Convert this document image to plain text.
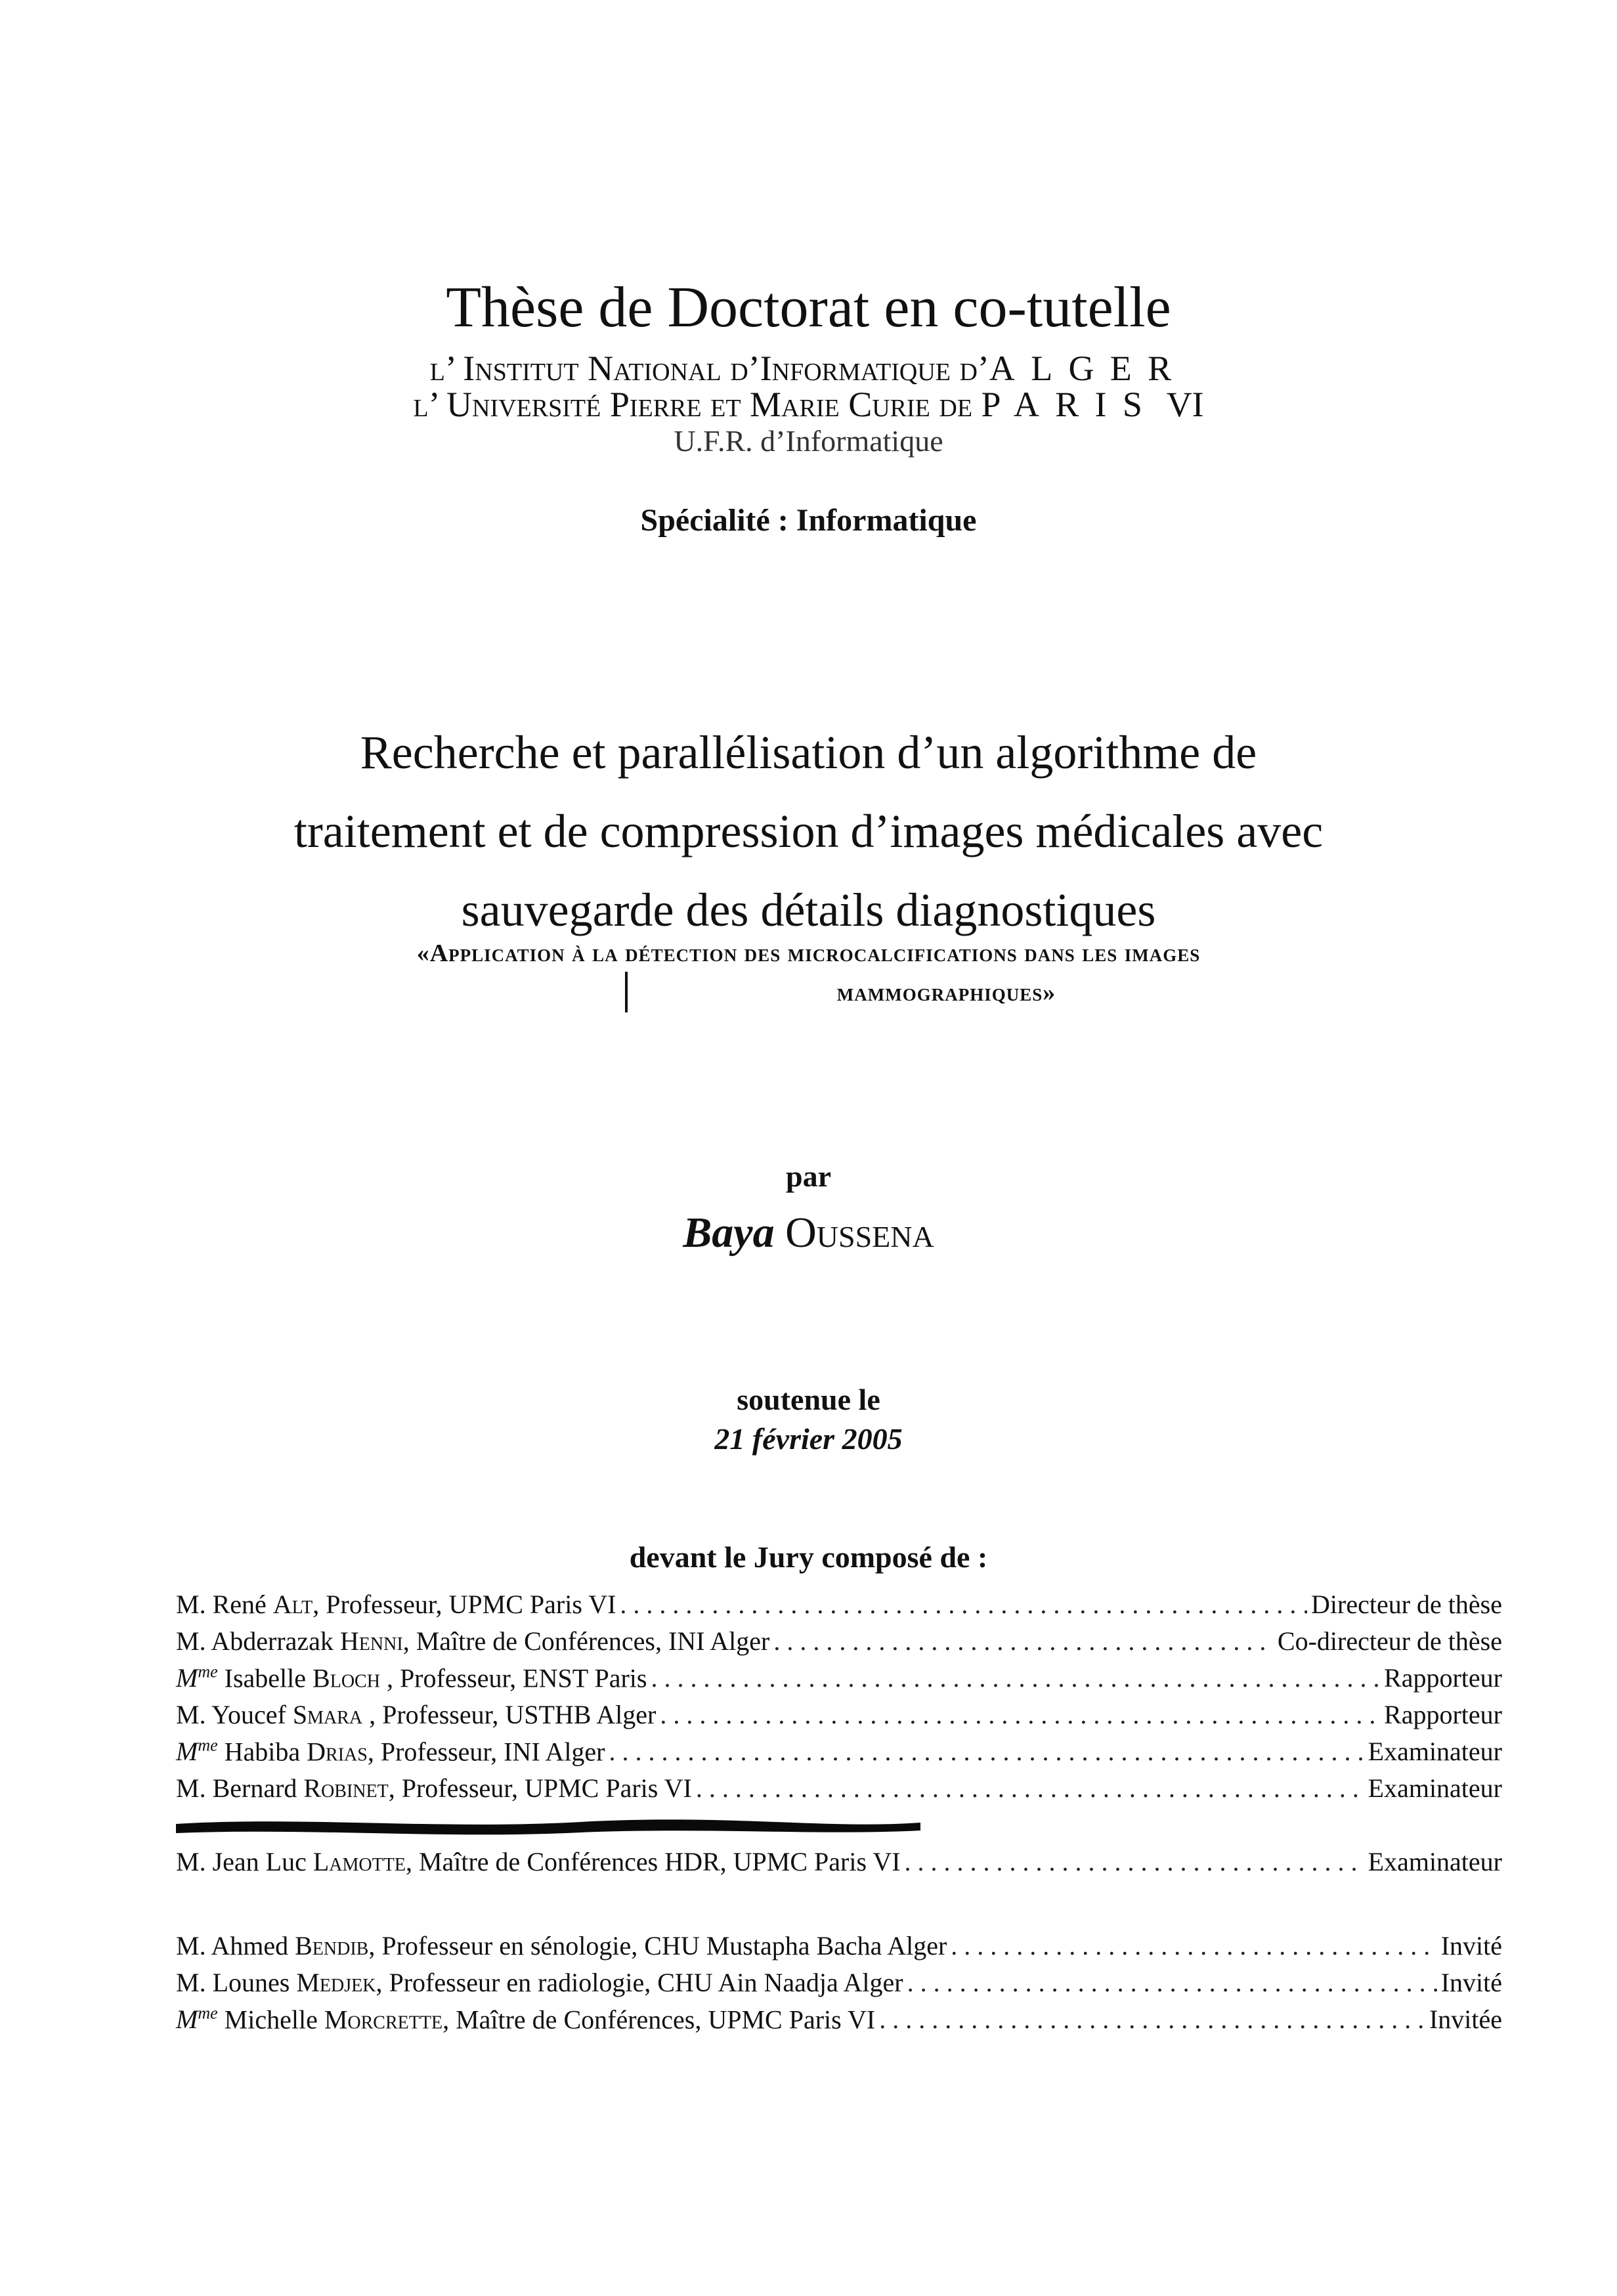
Thèse de Doctorat en co-tutelle
l’ Institut National d’Informatique d’ALGER
l’ Université Pierre et Marie Curie de PARIS VI
U.F.R. d’Informatique
Spécialité : Informatique
Recherche et parallélisation d’un algorithme de
traitement et de compression d’images médicales avec
sauvegarde des détails diagnostiques
«Application à la détection des microcalcifications dans les images
mammographiques»
par
Baya Oussena
soutenue le
21 février 2005
devant le Jury composé de :
M. René Alt, Professeur, UPMC Paris VI . . .	Directeur de thèse
M. Abderrazak Henni, Maître de Conférences, INI Alger . . .	Co-directeur de thèse
$M^{me}$ Isabelle Bloch , Professeur, ENST Paris . . .	Rapporteur
M. Youcef Smara , Professeur, USTHB Alger . . .	Rapporteur
$M^{me}$ Habiba Drias, Professeur, INI Alger . . .	Examinateur
M. Bernard Robinet, Professeur, UPMC Paris VI . . .	Examinateur
M. Jean Luc Lamotte, Maître de Conférences HDR, UPMC Paris VI . . .	Examinateur
M. Ahmed Bendib, Professeur en sénologie, CHU Mustapha Bacha Alger . . .	Invité
M. Lounes Medjek, Professeur en radiologie, CHU Ain Naadja Alger . . .	Invité
$M^{me}$ Michelle Morcrette, Maître de Conférences, UPMC Paris VI . . .	Invitée
